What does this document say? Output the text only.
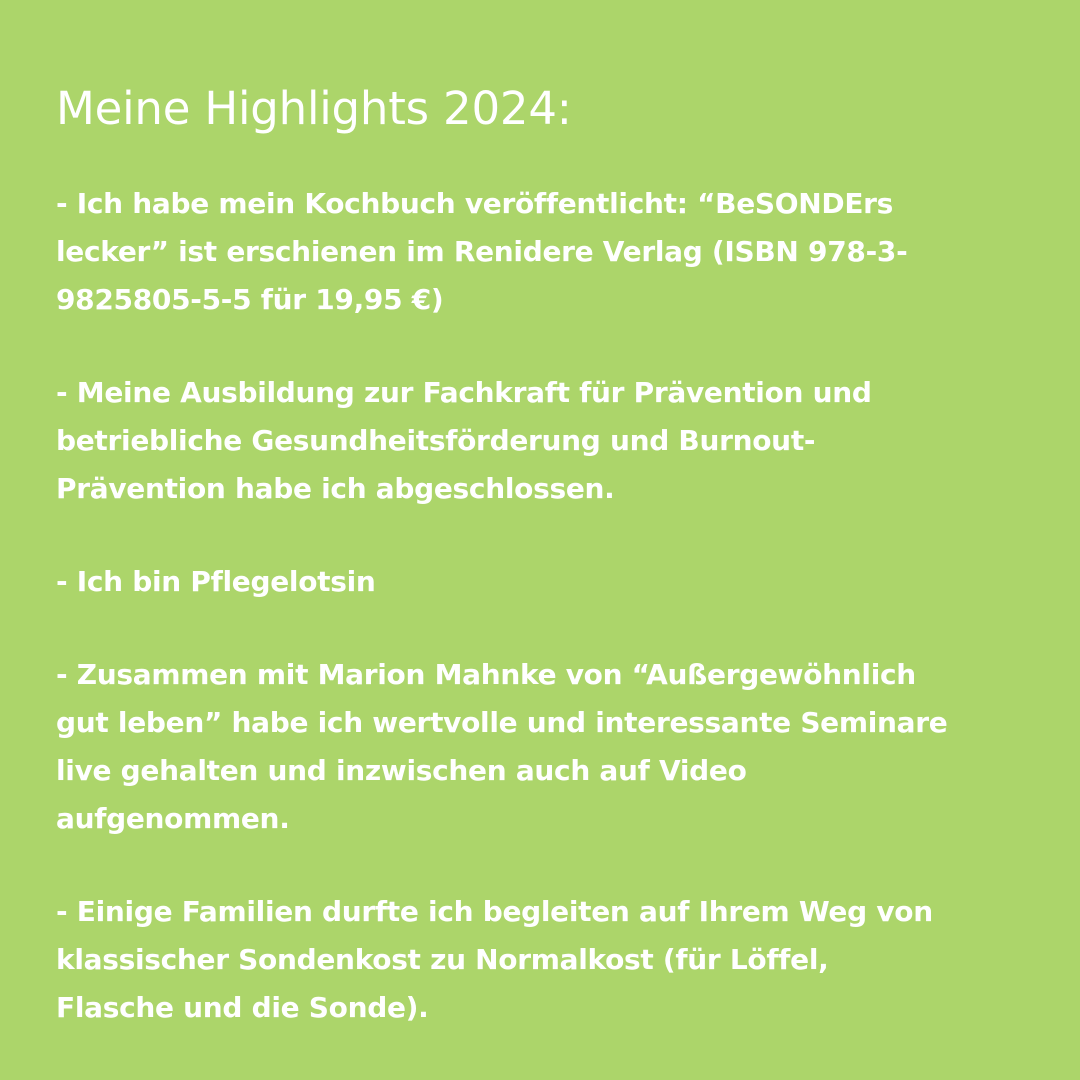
Meine Highlights 2024:

- Ich habe mein Kochbuch veröffentlicht: “BeSONDErs
lecker” ist erschienen im Renidere Verlag (ISBN 978-3-
9825805-5-5 für 19,95 €)

- Meine Ausbildung zur Fachkraft für Prävention und
betriebliche Gesundheitsförderung und Burnout-
Prävention habe ich abgeschlossen.

- Ich bin Pflegelotsin

- Zusammen mit Marion Mahnke von “Außergewöhnlich
gut leben” habe ich wertvolle und interessante Seminare
live gehalten und inzwischen auch auf Video
aufgenommen.

- Einige Familien durfte ich begleiten auf Ihrem Weg von
klassischer Sondenkost zu Normalkost (für Löffel,
Flasche und die Sonde).
